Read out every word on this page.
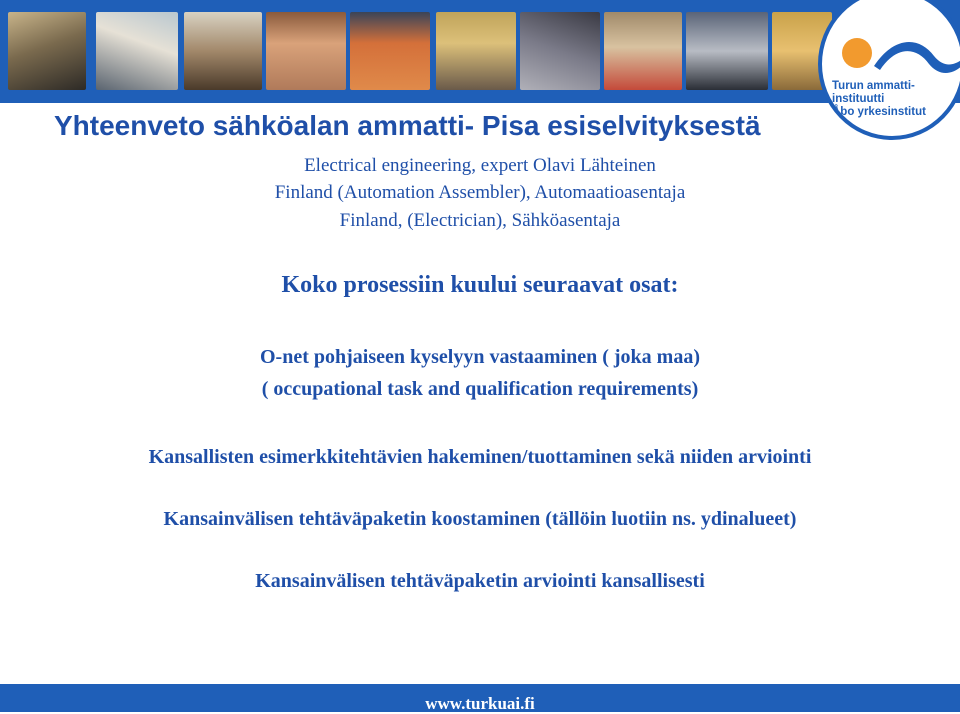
Turun ammatti-instituutti
Åbo yrkesinstitut
Yhteenveto sähköalan ammatti- Pisa esiselvityksestä
Electrical engineering, expert Olavi Lähteinen
Finland (Automation Assembler), Automaatioasentaja
Finland, (Electrician), Sähköasentaja
Koko prosessiin kuului seuraavat osat:
O-net pohjaiseen kyselyyn vastaaminen ( joka maa)
( occupational task and qualification requirements)
Kansallisten esimerkkitehtävien hakeminen/tuottaminen sekä niiden arviointi
Kansainvälisen tehtäväpaketin koostaminen (tällöin luotiin ns. ydinalueet)
Kansainvälisen tehtäväpaketin arviointi kansallisesti
www.turkuai.fi
